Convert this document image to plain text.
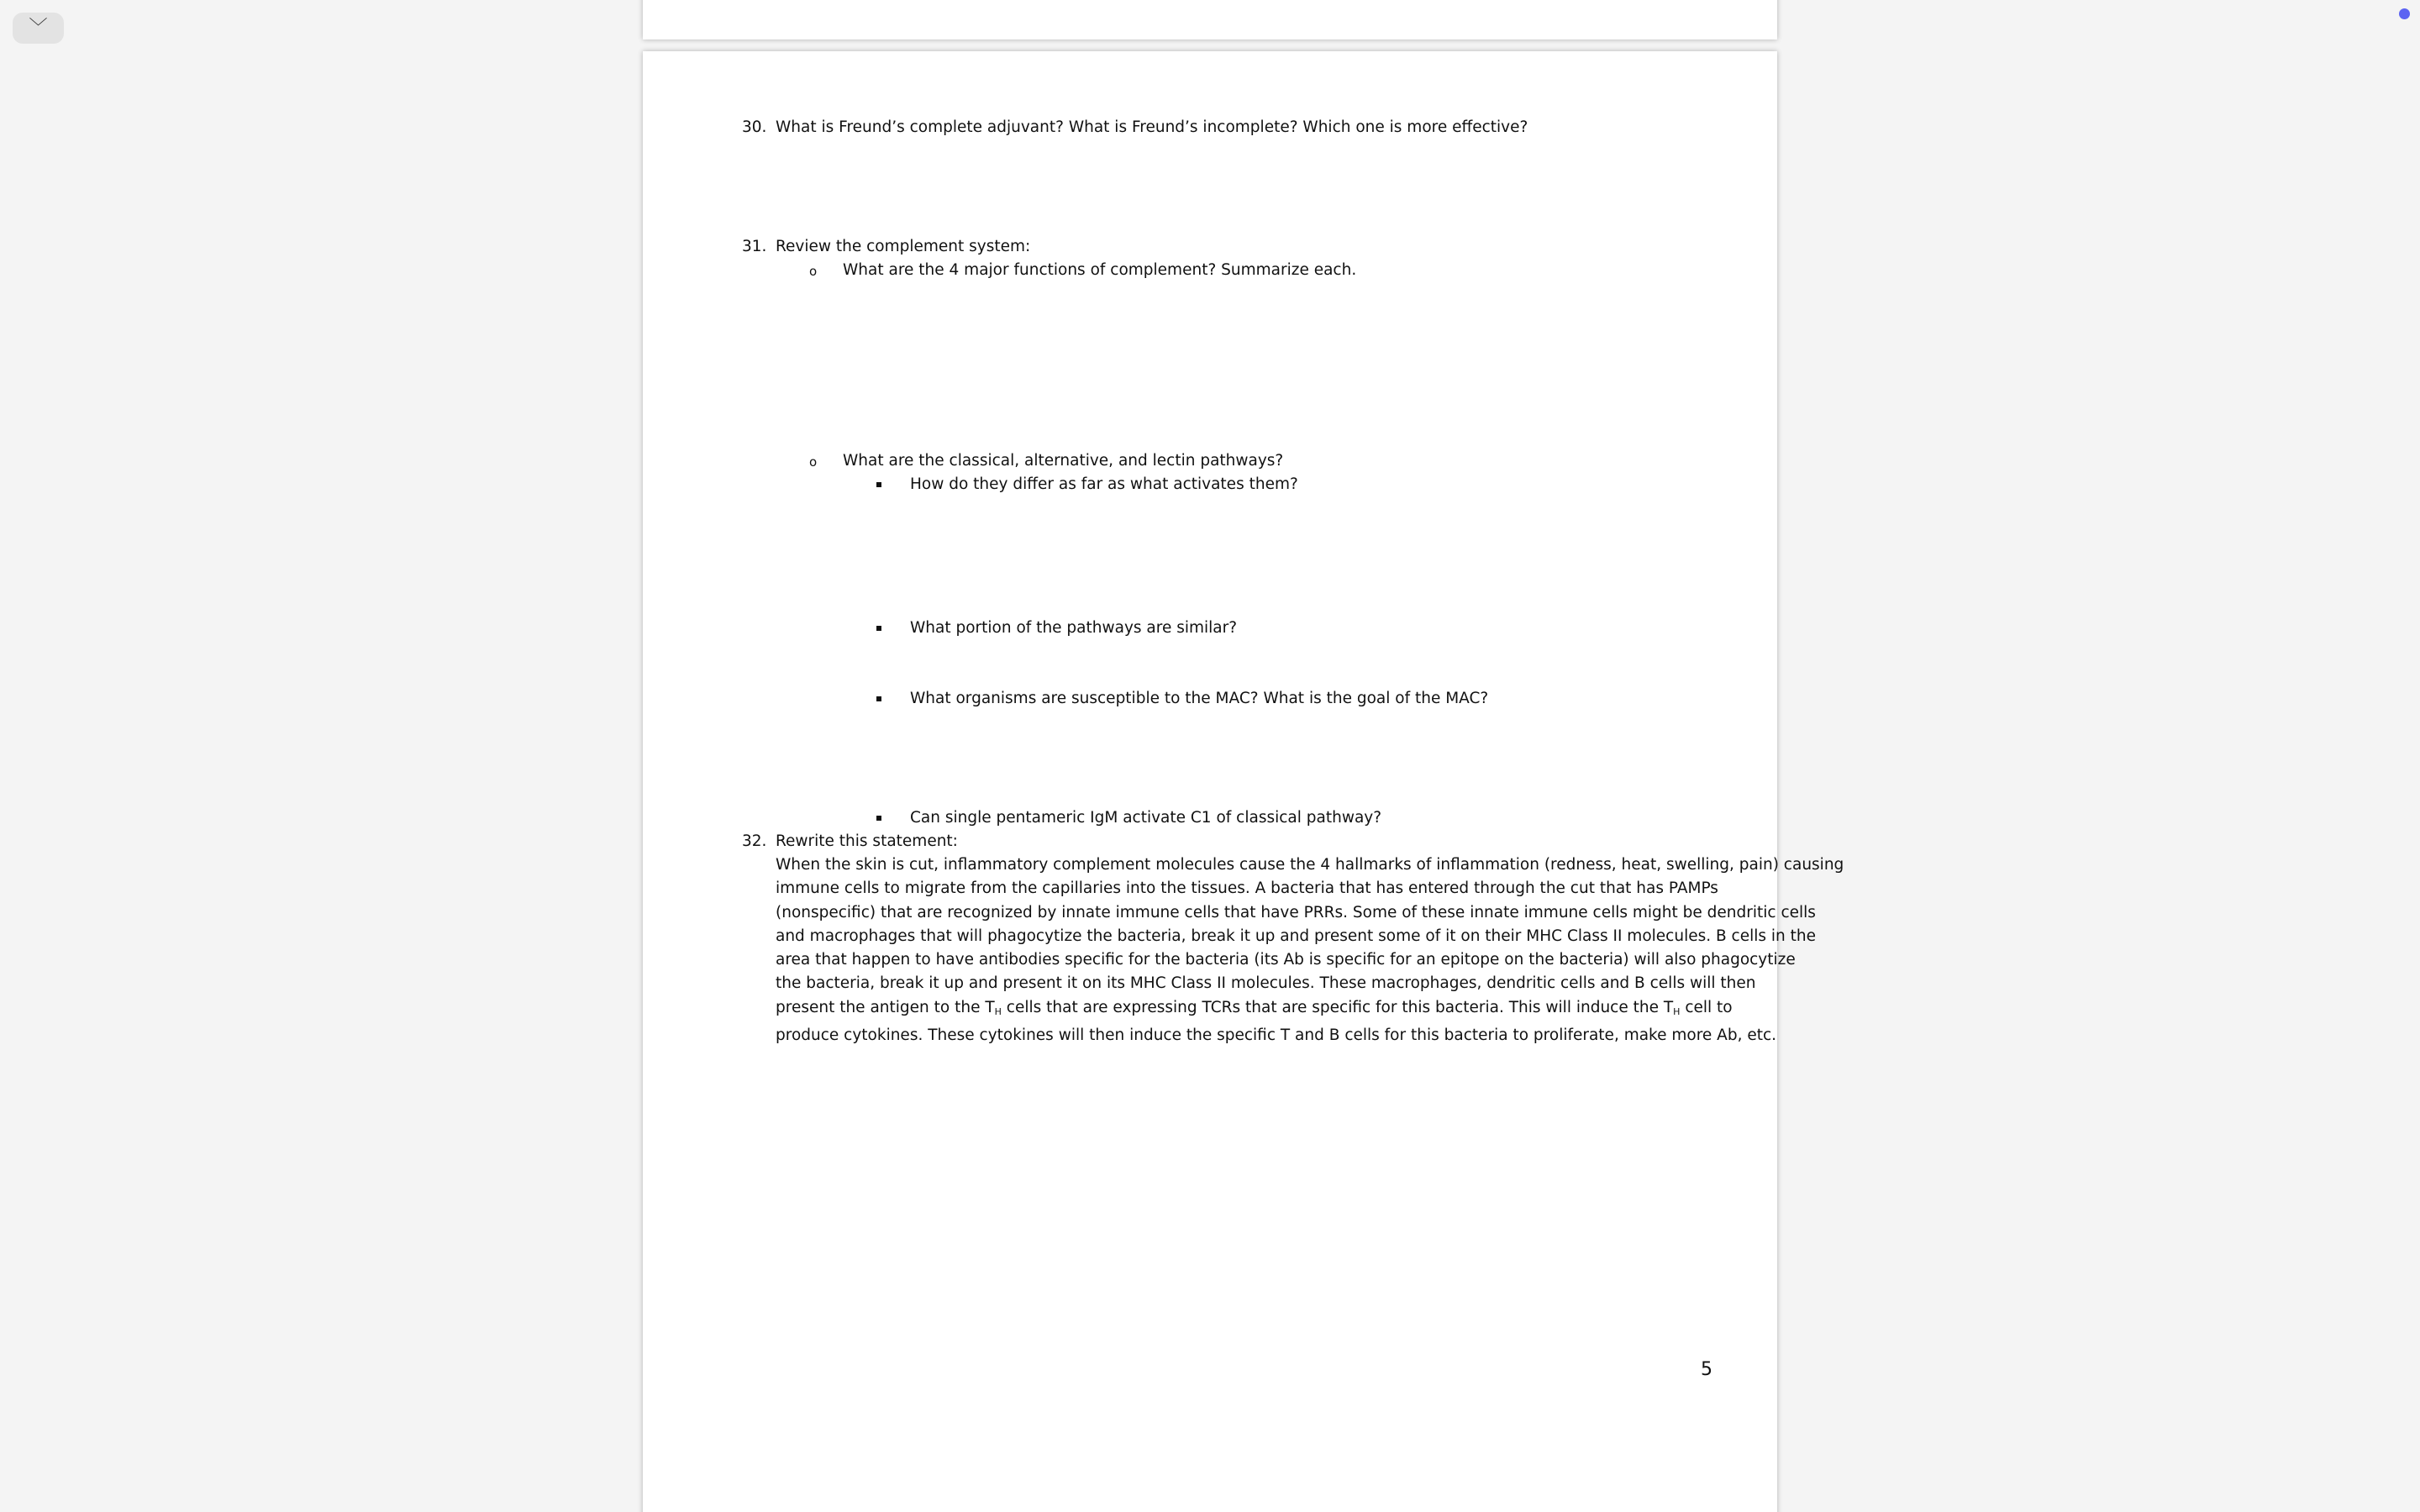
﹀
30. What is Freund’s complete adjuvant? What is Freund’s incomplete? Which one is more effective?
31. Review the complement system:
o What are the 4 major functions of complement? Summarize each.
o What are the classical, alternative, and lectin pathways?
How do they differ as far as what activates them?
What portion of the pathways are similar?
What organisms are susceptible to the MAC? What is the goal of the MAC?
Can single pentameric IgM activate C1 of classical pathway?
32. Rewrite this statement:
When the skin is cut, inflammatory complement molecules cause the 4 hallmarks of inflammation (redness, heat, swelling, pain) causing
immune cells to migrate from the capillaries into the tissues. A bacteria that has entered through the cut that has PAMPs
(nonspecific) that are recognized by innate immune cells that have PRRs. Some of these innate immune cells might be dendritic cells
and macrophages that will phagocytize the bacteria, break it up and present some of it on their MHC Class II molecules. B cells in the
area that happen to have antibodies specific for the bacteria (its Ab is specific for an epitope on the bacteria) will also phagocytize
the bacteria, break it up and present it on its MHC Class II molecules. These macrophages, dendritic cells and B cells will then
present the antigen to the $T_H$ cells that are expressing TCRs that are specific for this bacteria. This will induce the $T_H$ cell to
produce cytokines. These cytokines will then induce the specific T and B cells for this bacteria to proliferate, make more Ab, etc.
5
